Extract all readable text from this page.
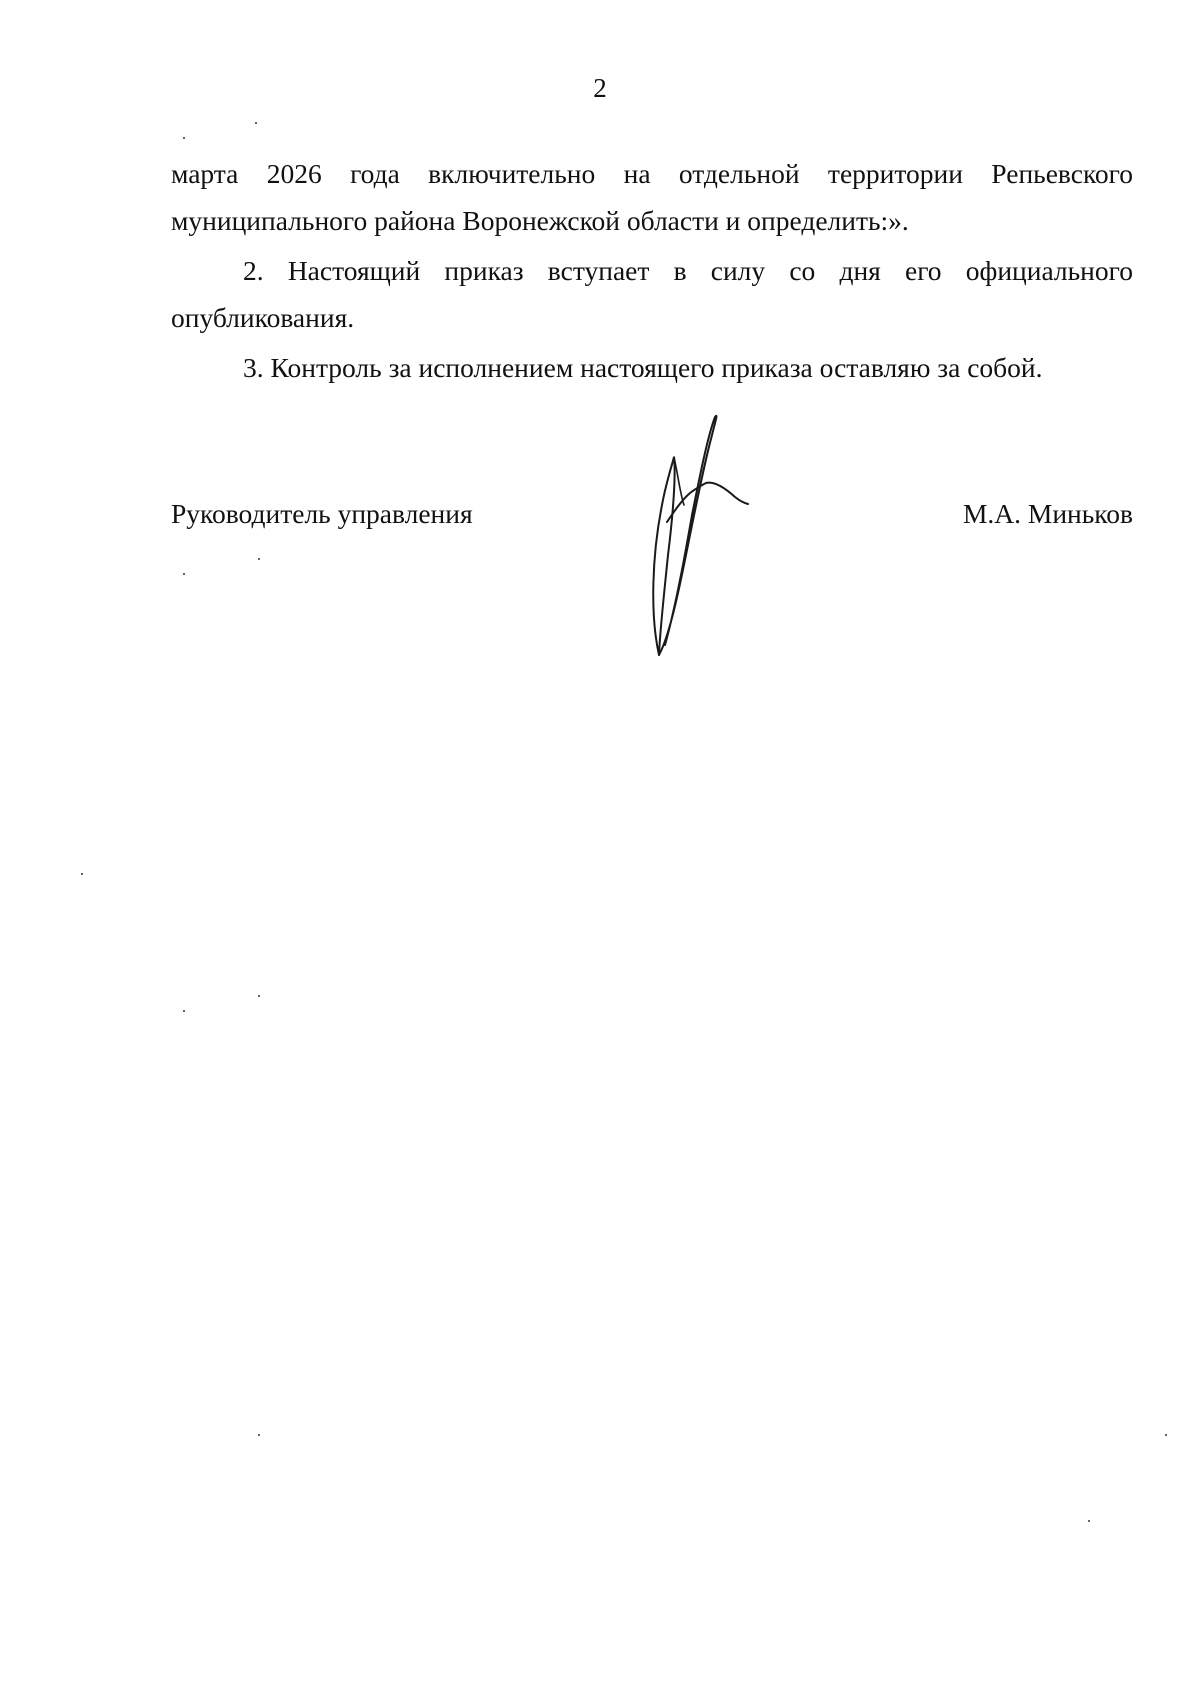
2

марта 2026 года включительно на отдельной территории Репьевского муниципального района Воронежской области и определить:».

2. Настоящий приказ вступает в силу со дня его официального опубликования.

3. Контроль за исполнением настоящего приказа оставляю за собой.

Руководитель управления	М.А. Миньков
